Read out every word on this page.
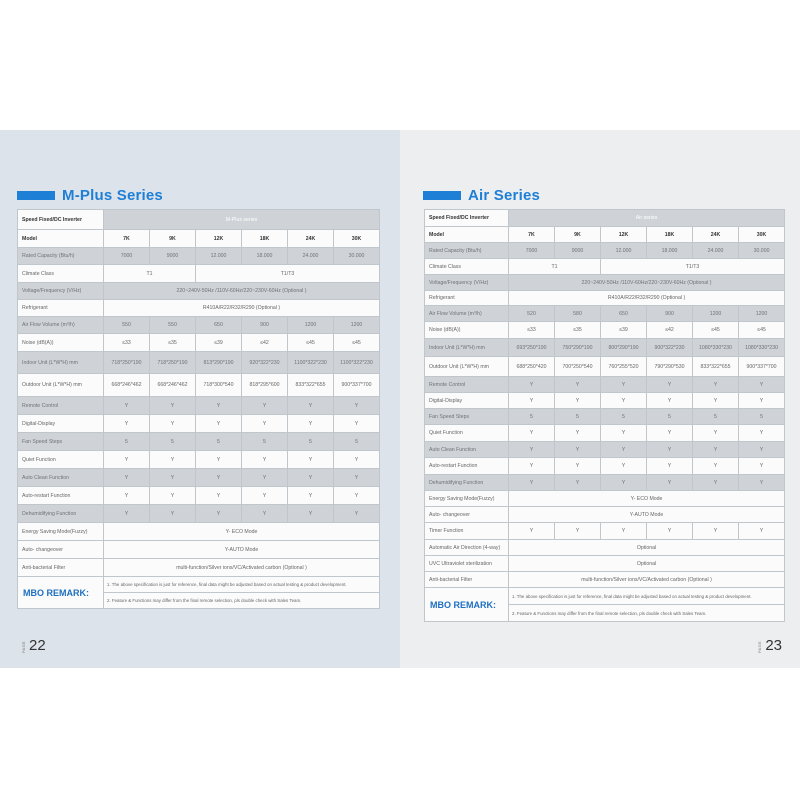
M-Plus Series
Speed Fixed/DC Inverter	M-Plus series					
Model	7K	9K	12K	18K	24K	30K
Rated Capacity (Btu/h)	7000	9000	12.000	18.000	24.000	30.000
Climate Class	T1		T1/T3			
Voltage/Frequency (V/Hz)	220~240V-50Hz /110V-60Hz/220~230V-60Hz (Optional )					
Refrigerant	R410A/R22/R32/R290 (Optional )					
Air Flow Volume (m³/h)	550	550	650	900	1200	1200
Noise (dB(A))	≤33	≤35	≤39	≤42	≤45	≤45
Indoor Unit (L*W*H) mm	718*250*190	718*250*190	813*290*190	920*322*230	1100*322*230	1100*322*230
Outdoor Unit (L*W*H) mm	668*246*462	668*246*462	718*300*540	818*295*600	833*322*655	900*337*700
Remote Control	Y	Y	Y	Y	Y	Y
Digital-Display	Y	Y	Y	Y	Y	Y
Fan Speed Steps	5	5	5	5	5	5
Quiet Function	Y	Y	Y	Y	Y	Y
Auto Clean Function	Y	Y	Y	Y	Y	Y
Auto-restart Function	Y	Y	Y	Y	Y	Y
Dehumidifying Function	Y	Y	Y	Y	Y	Y
Energy Saving Mode(Fuzzy)	Y- ECO Mode					
Auto- changeover	Y-AUTO Mode					
Anti-bacterial Filter	multi-function/Silver ions/VC/Activated carbon (Optional )					
MBO REMARK:	1. The above specification is just for reference, final data might be adjusted based on actual testing & product development.					
	2. Feature & Functions may differ from the final remote selection, pls double check with Sales Team.					
PAGE 22
Air Series
Speed Fixed/DC Inverter	Air series					
Model	7K	9K	12K	18K	24K	30K
Rated Capacity (Btu/h)	7000	9000	12.000	18.000	24.000	30.000
Climate Class	T1		T1/T3			
Voltage/Frequency (V/Hz)	220~240V-50Hz /110V-60Hz/220~230V-60Hz (Optional )					
Refrigerant	R410A/R22/R32/R290 (Optional )					
Air Flow Volume (m³/h)	520	580	650	900	1200	1200
Noise (dB(A))	≤33	≤35	≤39	≤42	≤45	≤45
Indoor Unit (L*W*H) mm	693*250*190	750*290*190	800*290*190	900*322*230	1080*330*230	1080*330*230
Outdoor Unit (L*W*H) mm	688*250*420	700*250*540	760*255*520	790*290*530	833*322*655	900*337*700
Remote Control	Y	Y	Y	Y	Y	Y
Digital-Display	Y	Y	Y	Y	Y	Y
Fan Speed Steps	5	5	5	5	5	5
Quiet Function	Y	Y	Y	Y	Y	Y
Auto Clean Function	Y	Y	Y	Y	Y	Y
Auto-restart Function	Y	Y	Y	Y	Y	Y
Dehumidifying Function	Y	Y	Y	Y	Y	Y
Energy Saving Mode(Fuzzy)	Y- ECO Mode					
Auto- changeover	Y-AUTO Mode					
Timer Function	Y	Y	Y	Y	Y	Y
Automatic Air Direction (4-way)	Optional					
UVC Ultraviolet sterilization	Optional					
Anti-bacterial Filter	multi-function/Silver ions/VC/Activated carbon (Optional )					
MBO REMARK:	1. The above specification is just for reference, final data might be adjusted based on actual testing & product development.					
	2. Feature & Functions may differ from the final remote selection, pls double check with Sales Team.					
PAGE 23
